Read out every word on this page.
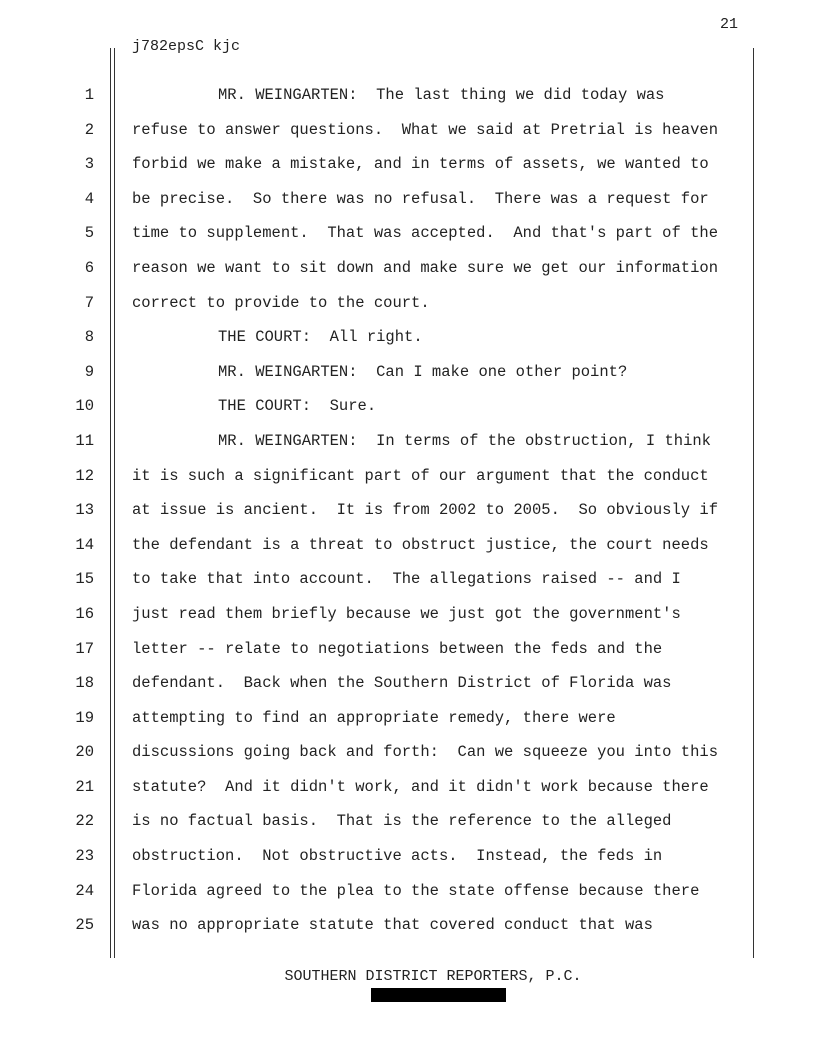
21
j782epsC kjc
1	MR. WEINGARTEN:  The last thing we did today was
2 refuse to answer questions.  What we said at Pretrial is heaven
3 forbid we make a mistake, and in terms of assets, we wanted to
4 be precise.  So there was no refusal.  There was a request for
5 time to supplement.  That was accepted.  And that's part of the
6 reason we want to sit down and make sure we get our information
7 correct to provide to the court.
8	THE COURT:  All right.
9	MR. WEINGARTEN:  Can I make one other point?
10	THE COURT:  Sure.
11	MR. WEINGARTEN:  In terms of the obstruction, I think
12 it is such a significant part of our argument that the conduct
13 at issue is ancient.  It is from 2002 to 2005.  So obviously if
14 the defendant is a threat to obstruct justice, the court needs
15 to take that into account.  The allegations raised -- and I
16 just read them briefly because we just got the government's
17 letter -- relate to negotiations between the feds and the
18 defendant.  Back when the Southern District of Florida was
19 attempting to find an appropriate remedy, there were
20 discussions going back and forth:  Can we squeeze you into this
21 statute?  And it didn't work, and it didn't work because there
22 is no factual basis.  That is the reference to the alleged
23 obstruction.  Not obstructive acts.  Instead, the feds in
24 Florida agreed to the plea to the state offense because there
25 was no appropriate statute that covered conduct that was
SOUTHERN DISTRICT REPORTERS, P.C.
